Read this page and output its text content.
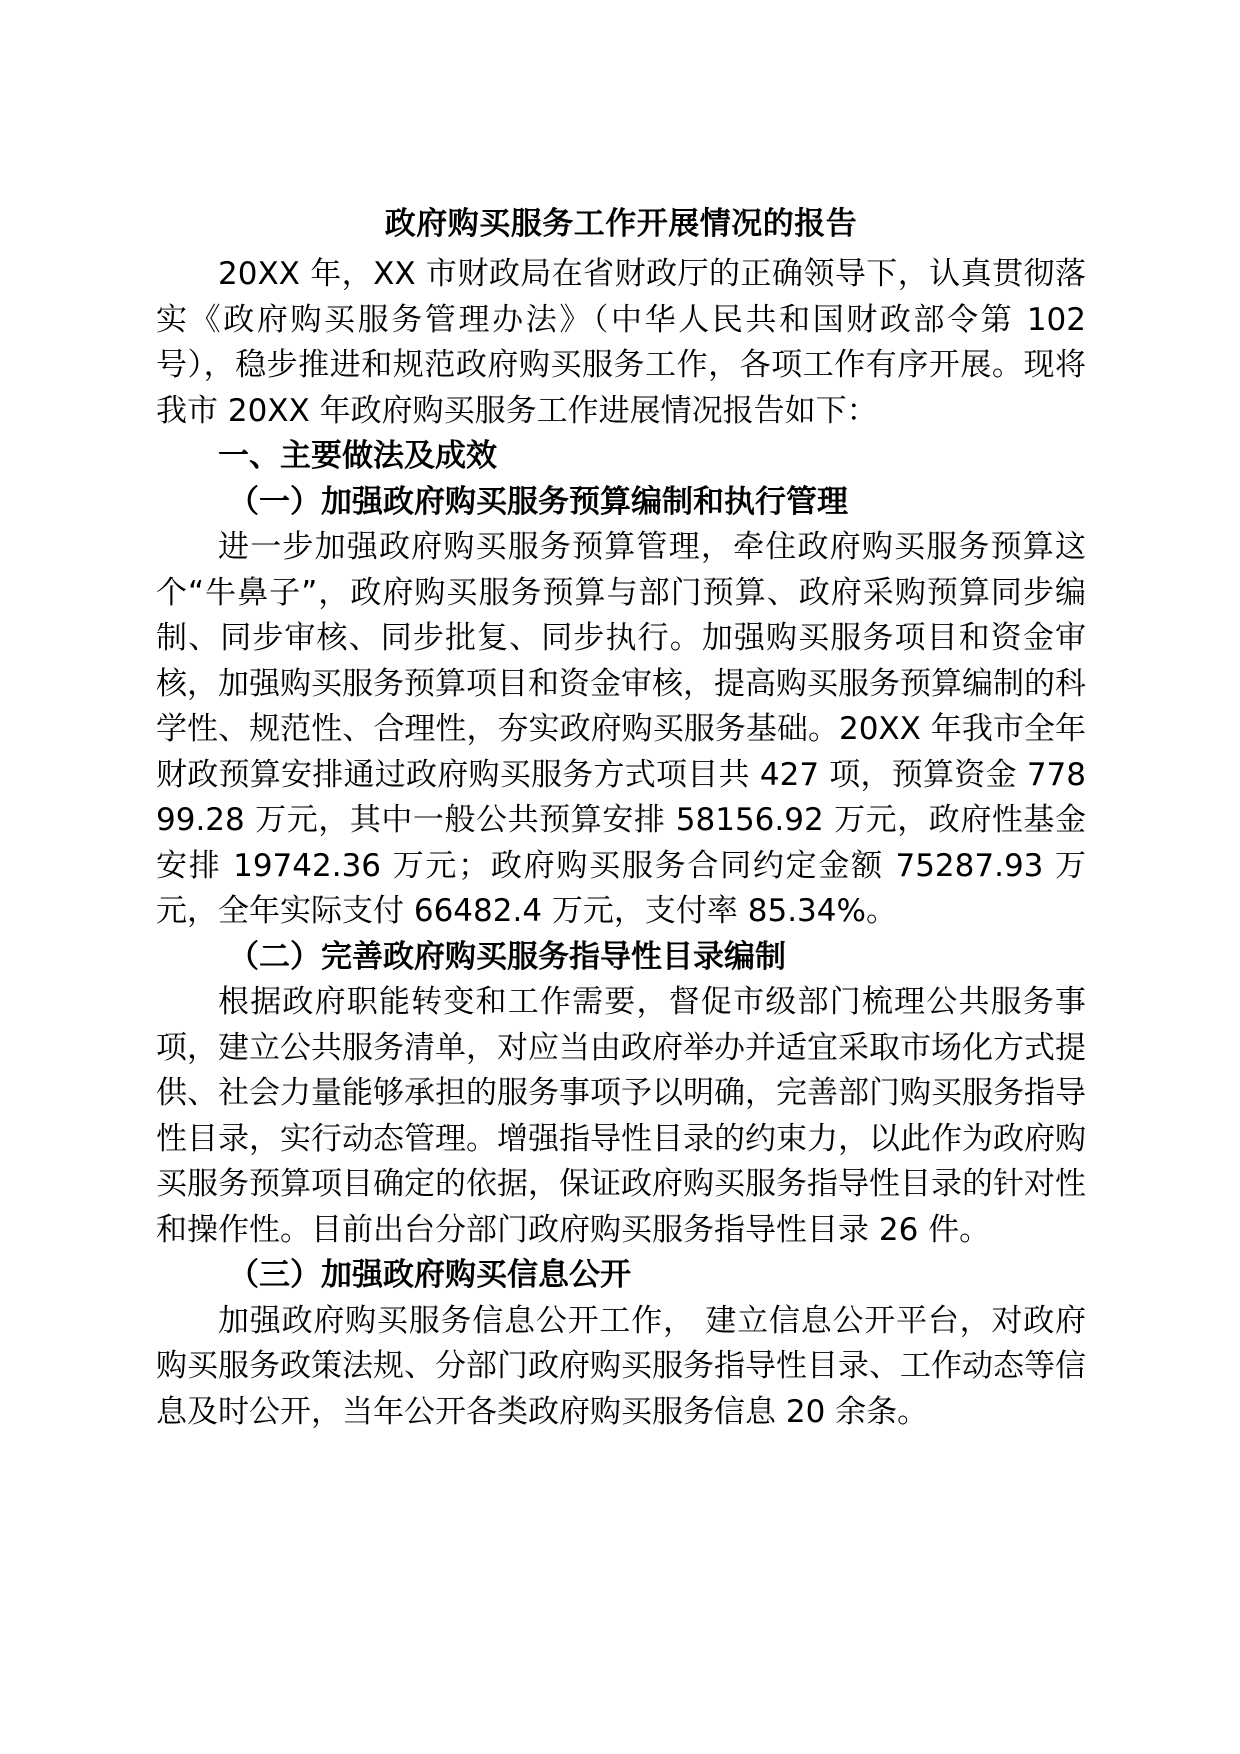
政府购买服务工作开展情况的报告

20XX 年，XX 市财政局在省财政厅的正确领导下，认真贯彻落实《政府购买服务管理办法》（中华人民共和国财政部令第 102 号），稳步推进和规范政府购买服务工作，各项工作有序开展。现将我市 20XX 年政府购买服务工作进展情况报告如下：

一、主要做法及成效
（一）加强政府购买服务预算编制和执行管理

进一步加强政府购买服务预算管理，牵住政府购买服务预算这个“牛鼻子”，政府购买服务预算与部门预算、政府采购预算同步编制、同步审核、同步批复、同步执行。加强购买服务项目和资金审核，加强购买服务预算项目和资金审核，提高购买服务预算编制的科学性、规范性、合理性，夯实政府购买服务基础。20XX 年我市全年财政预算安排通过政府购买服务方式项目共 427 项，预算资金 77899.28 万元，其中一般公共预算安排 58156.92 万元，政府性基金安排 19742.36 万元；政府购买服务合同约定金额 75287.93 万元，全年实际支付 66482.4 万元，支付率 85.34%。

（二）完善政府购买服务指导性目录编制

根据政府职能转变和工作需要，督促市级部门梳理公共服务事项，建立公共服务清单，对应当由政府举办并适宜采取市场化方式提供、社会力量能够承担的服务事项予以明确，完善部门购买服务指导性目录，实行动态管理。增强指导性目录的约束力，以此作为政府购买服务预算项目确定的依据，保证政府购买服务指导性目录的针对性和操作性。目前出台分部门政府购买服务指导性目录 26 件。

（三）加强政府购买信息公开

加强政府购买服务信息公开工作， 建立信息公开平台，对政府购买服务政策法规、分部门政府购买服务指导性目录、工作动态等信息及时公开，当年公开各类政府购买服务信息 20 余条。
